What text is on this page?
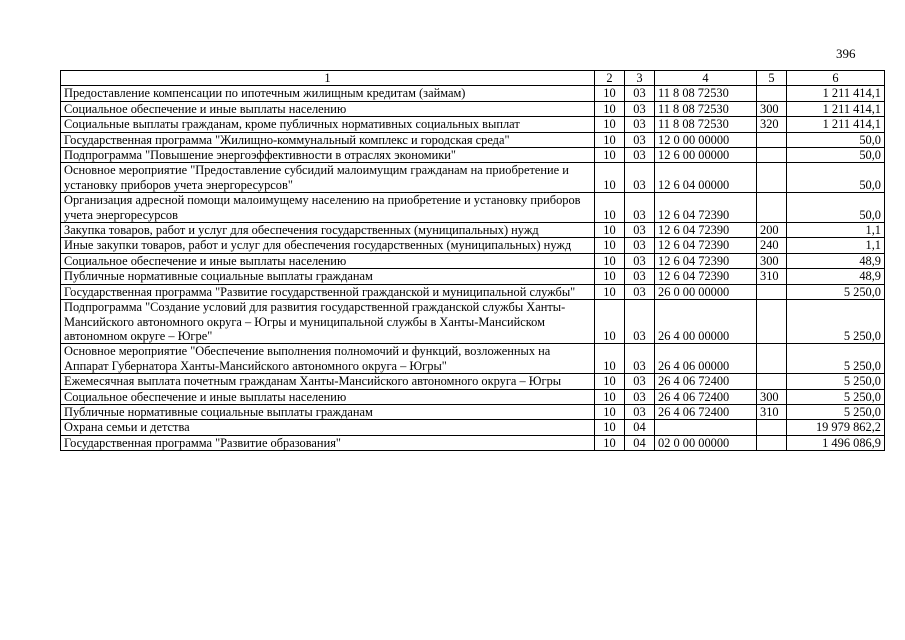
396
1	2	3	4	5	6
Предоставление компенсации по ипотечным жилищным кредитам (займам)	10	03	11 8 08 72530		1 211 414,1
Социальное обеспечение и иные выплаты населению	10	03	11 8 08 72530	300	1 211 414,1
Социальные выплаты гражданам, кроме публичных нормативных социальных выплат	10	03	11 8 08 72530	320	1 211 414,1
Государственная программа "Жилищно-коммунальный комплекс и городская среда"	10	03	12 0 00 00000		50,0
Подпрограмма "Повышение энергоэффективности в отраслях экономики"	10	03	12 6 00 00000		50,0
Основное мероприятие "Предоставление субсидий малоимущим гражданам на приобретение и установку приборов учета энергоресурсов"	10	03	12 6 04 00000		50,0
Организация адресной помощи малоимущему населению на приобретение и установку приборов учета энергоресурсов	10	03	12 6 04 72390		50,0
Закупка товаров, работ и услуг для обеспечения государственных (муниципальных) нужд	10	03	12 6 04 72390	200	1,1
Иные закупки товаров, работ и услуг для обеспечения государственных (муниципальных) нужд	10	03	12 6 04 72390	240	1,1
Социальное обеспечение и иные выплаты населению	10	03	12 6 04 72390	300	48,9
Публичные нормативные социальные выплаты гражданам	10	03	12 6 04 72390	310	48,9
Государственная программа "Развитие государственной гражданской и муниципальной службы"	10	03	26 0 00 00000		5 250,0
Подпрограмма "Создание условий для развития государственной гражданской службы Ханты-Мансийского автономного округа – Югры и муниципальной службы в Ханты-Мансийском автономном округе – Югре"	10	03	26 4 00 00000		5 250,0
Основное мероприятие "Обеспечение выполнения полномочий и функций, возложенных на Аппарат Губернатора Ханты-Мансийского автономного округа – Югры"	10	03	26 4 06 00000		5 250,0
Ежемесячная выплата почетным гражданам Ханты-Мансийского автономного округа – Югры	10	03	26 4 06 72400		5 250,0
Социальное обеспечение и иные выплаты населению	10	03	26 4 06 72400	300	5 250,0
Публичные нормативные социальные выплаты гражданам	10	03	26 4 06 72400	310	5 250,0
Охрана семьи и детства	10	04			19 979 862,2
Государственная программа "Развитие образования"	10	04	02 0 00 00000		1 496 086,9
